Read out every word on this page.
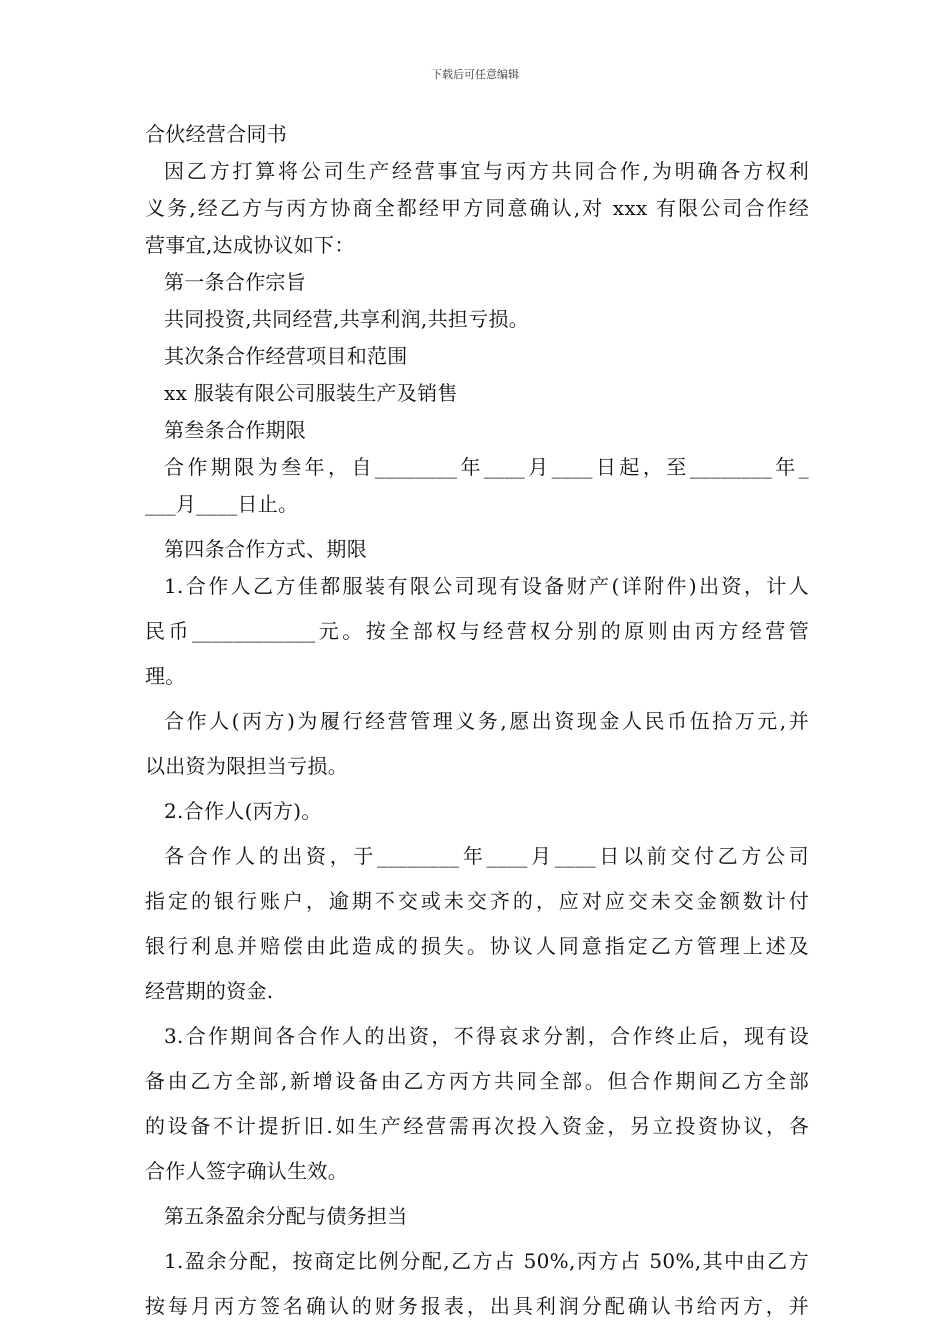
下载后可任意编辑
合伙经营合同书
因乙方打算将公司生产经营事宜与丙方共同合作,为明确各方权利
义务,经乙方与丙方协商全都经甲方同意确认,对 xxx 有限公司合作经
营事宜,达成协议如下：
第一条合作宗旨
共同投资,共同经营,共享利润,共担亏损。
其次条合作经营项目和范围
xx 服装有限公司服装生产及销售
第叁条合作期限
合作期限为叁年，自________年____月____日起，至________年_
___月____日止。
第四条合作方式、期限
1.合作人乙方佳都服装有限公司现有设备财产(详附件)出资，计人
民币____________元。按全部权与经营权分别的原则由丙方经营管
理。
合作人(丙方)为履行经营管理义务,愿出资现金人民币伍拾万元,并
以出资为限担当亏损。
2.合作人(丙方)。
各合作人的出资，于________年____月____日以前交付乙方公司
指定的银行账户，逾期不交或未交齐的，应对应交未交金额数计付
银行利息并赔偿由此造成的损失。协议人同意指定乙方管理上述及
经营期的资金.
3.合作期间各合作人的出资，不得哀求分割，合作终止后，现有设
备由乙方全部,新增设备由乙方丙方共同全部。但合作期间乙方全部
的设备不计提折旧.如生产经营需再次投入资金，另立投资协议，各
合作人签字确认生效。
第五条盈余分配与债务担当
1.盈余分配，按商定比例分配,乙方占 50%,丙方占 50%,其中由乙方
按每月丙方签名确认的财务报表，出具利润分配确认书给丙方，并
